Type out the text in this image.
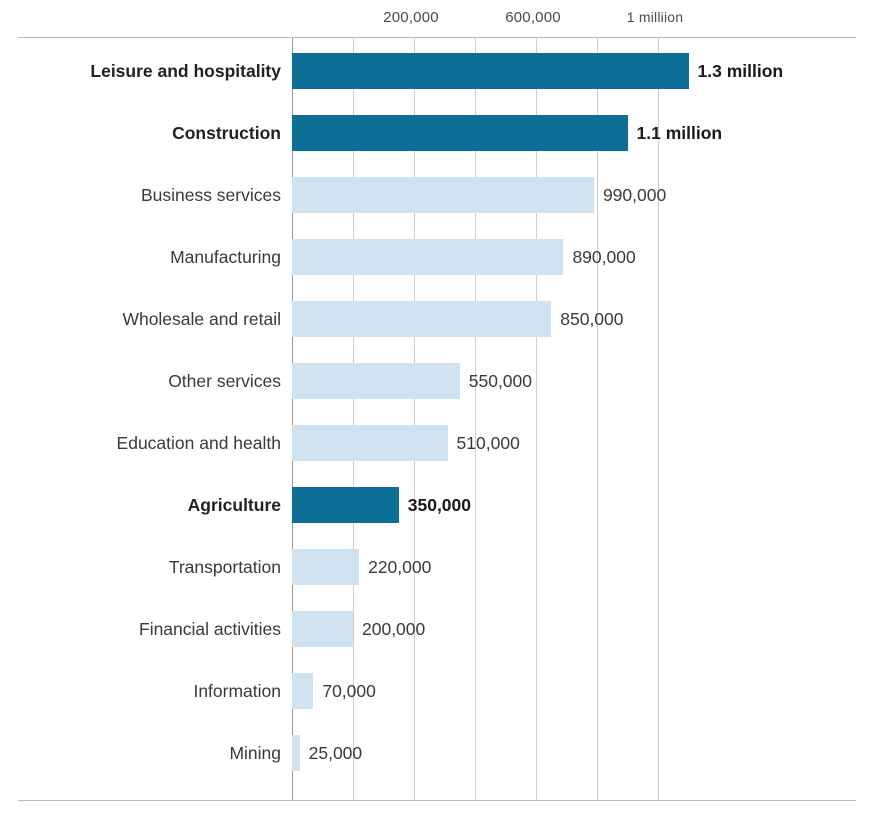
200,000	600,000	1 milliion
Leisure and hospitality	1.3 million
Construction	1.1 million
Business services	990,000
Manufacturing	890,000
Wholesale and retail	850,000
Other services	550,000
Education and health	510,000
Agriculture	350,000
Transportation	220,000
Financial activities	200,000
Information	70,000
Mining	25,000
